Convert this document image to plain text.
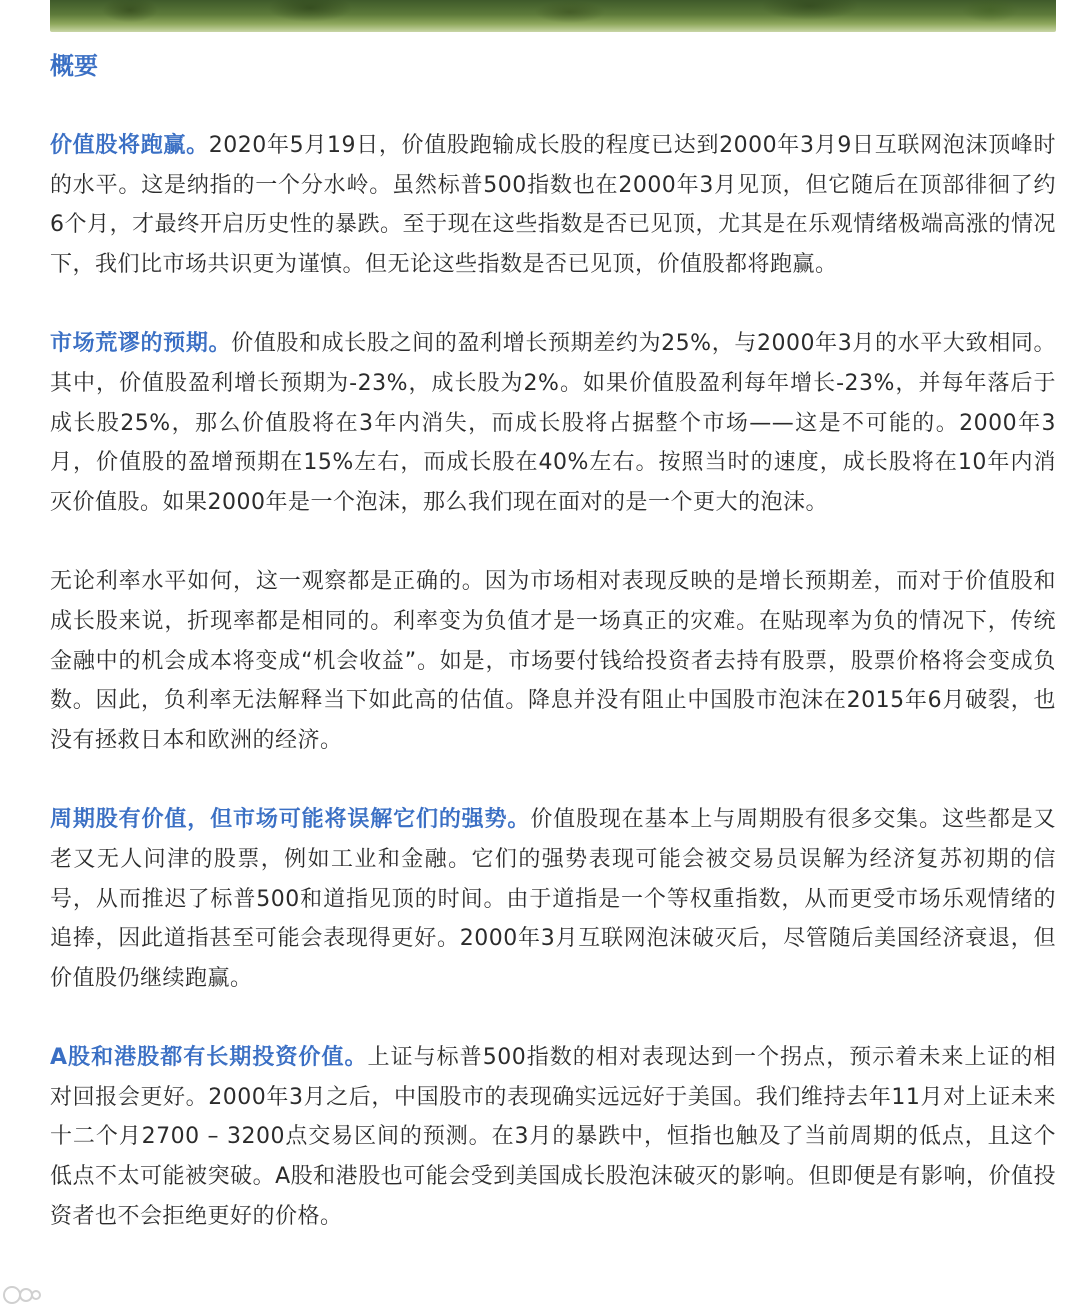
概要

价值股将跑赢。2020年5月19日，价值股跑输成长股的程度已达到2000年3月9日互联网泡沫顶峰时的水平。这是纳指的一个分水岭。虽然标普500指数也在2000年3月见顶，但它随后在顶部徘徊了约6个月，才最终开启历史性的暴跌。至于现在这些指数是否已见顶，尤其是在乐观情绪极端高涨的情况下，我们比市场共识更为谨慎。但无论这些指数是否已见顶，价值股都将跑赢。

市场荒谬的预期。价值股和成长股之间的盈利增长预期差约为25%，与2000年3月的水平大致相同。其中，价值股盈利增长预期为-23%，成长股为2%。如果价值股盈利每年增长-23%，并每年落后于成长股25%，那么价值股将在3年内消失，而成长股将占据整个市场——这是不可能的。2000年3月，价值股的盈增预期在15%左右，而成长股在40%左右。按照当时的速度，成长股将在10年内消灭价值股。如果2000年是一个泡沫，那么我们现在面对的是一个更大的泡沫。

无论利率水平如何，这一观察都是正确的。因为市场相对表现反映的是增长预期差，而对于价值股和成长股来说，折现率都是相同的。利率变为负值才是一场真正的灾难。在贴现率为负的情况下，传统金融中的机会成本将变成“机会收益”。如是，市场要付钱给投资者去持有股票，股票价格将会变成负数。因此，负利率无法解释当下如此高的估值。降息并没有阻止中国股市泡沫在2015年6月破裂，也没有拯救日本和欧洲的经济。

周期股有价值，但市场可能将误解它们的强势。价值股现在基本上与周期股有很多交集。这些都是又老又无人问津的股票，例如工业和金融。它们的强势表现可能会被交易员误解为经济复苏初期的信号，从而推迟了标普500和道指见顶的时间。由于道指是一个等权重指数，从而更受市场乐观情绪的追捧，因此道指甚至可能会表现得更好。2000年3月互联网泡沫破灭后，尽管随后美国经济衰退，但价值股仍继续跑赢。

A股和港股都有长期投资价值。上证与标普500指数的相对表现达到一个拐点，预示着未来上证的相对回报会更好。2000年3月之后，中国股市的表现确实远远好于美国。我们维持去年11月对上证未来十二个月2700 – 3200点交易区间的预测。在3月的暴跌中，恒指也触及了当前周期的低点，且这个低点不太可能被突破。A股和港股也可能会受到美国成长股泡沫破灭的影响。但即便是有影响，价值投资者也不会拒绝更好的价格。
